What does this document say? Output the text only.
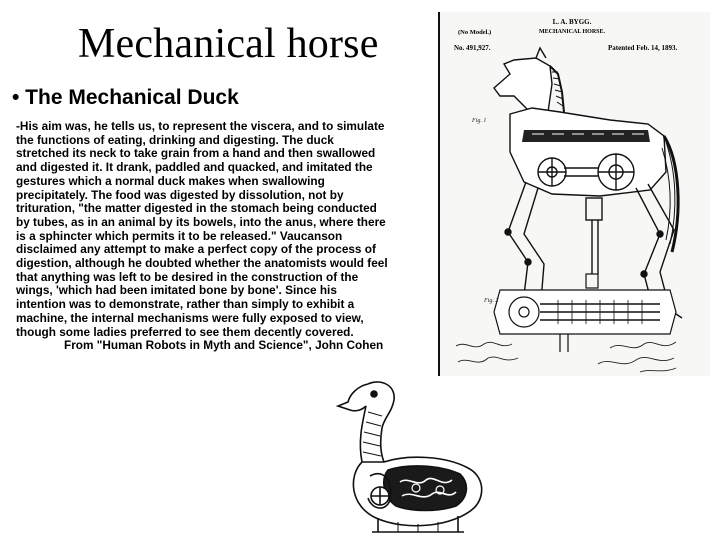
Mechanical horse
• The Mechanical Duck
-His aim was, he tells us, to represent the viscera, and to simulate
the functions of eating, drinking and digesting. The duck
stretched its neck to take grain from a hand and then swallowed
and digested it. It drank, paddled and quacked, and imitated the
gestures which a normal duck makes when swallowing
precipitately. The food was digested by dissolution, not by
trituration, "the matter digested in the stomach being conducted
by tubes, as in an animal by its bowels, into the anus, where there
is a sphincter which permits it to be released." Vaucanson
disclaimed any attempt to make a perfect copy of the process of
digestion, although he doubted whether the anatomists would feel
that anything was left to be desired in the construction of the
wings, 'which had been imitated bone by bone'. Since his
intention was to demonstrate, rather than simply to exhibit a
machine, the internal mechanisms were fully exposed to view,
though some ladies preferred to see them decently covered.
From "Human Robots in Myth and Science", John Cohen
(No Model.)
L. A. BYGG.
MECHANICAL HORSE.
No. 491,927.	Patented Feb. 14, 1893.
Fig. 2
Fig. 1
